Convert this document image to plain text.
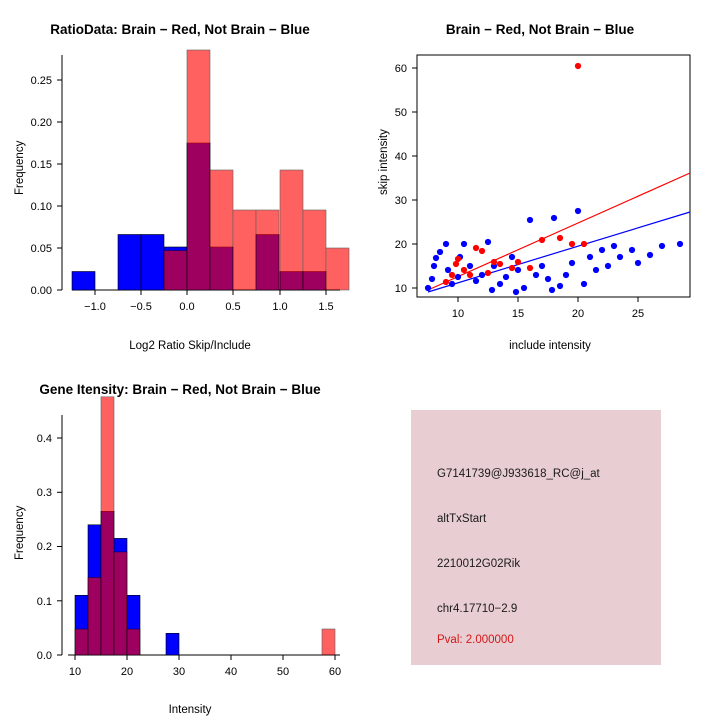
RatioData: Brain − Red, Not Brain − Blue
Frequency
Log2 Ratio Skip/Include
0.00
0.05
0.10
0.15
0.20
0.25
−1.0 −0.5 0.0	0.5	1.0	1.5
Brain − Red, Not Brain − Blue
skip intensity
include intensity
10
20
30
40
50
60
10	15	20	25
Gene Itensity: Brain − Red, Not Brain − Blue
Frequency
Intensity
0.0
0.1
0.2
0.3
0.4
10	20	30	40	50	60
G7141739@J933618_RC@j_at
altTxStart
2210012G02Rik
chr4.17710−2.9
Pval: 2.000000
